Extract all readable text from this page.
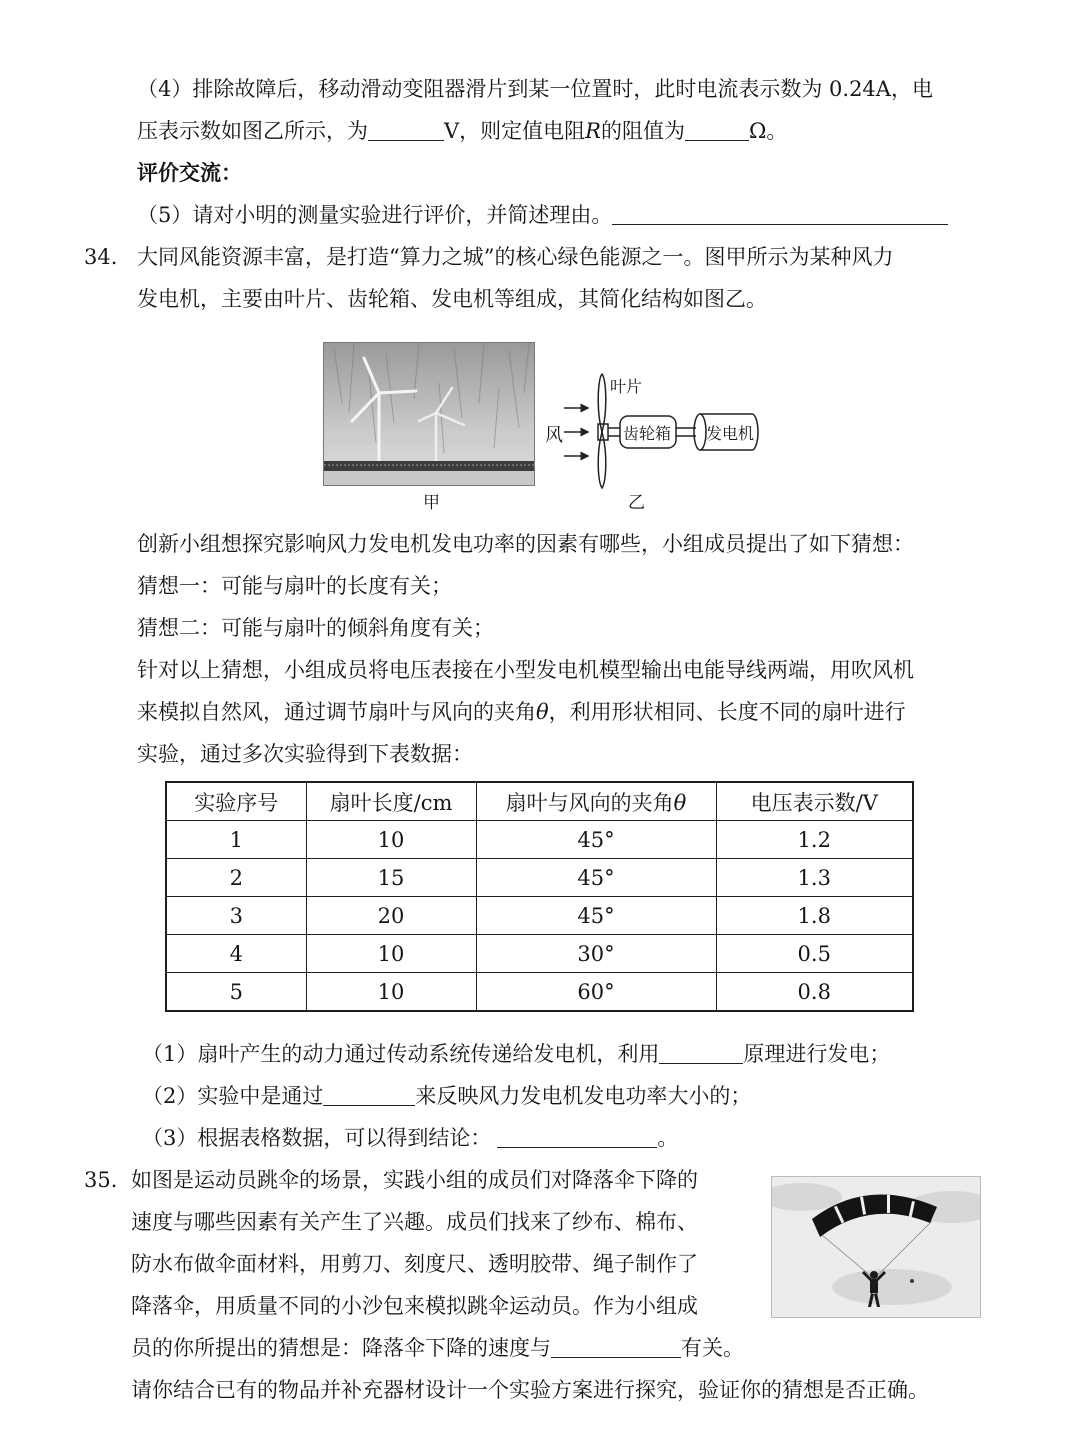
（4）排除故障后，移动滑动变阻器滑片到某一位置时，此时电流表示数为 0.24A，电
压表示数如图乙所示，为	V，则定值电阻R的阻值为	Ω。
评价交流：
（5）请对小明的测量实验进行评价，并简述理由。
34. 大同风能资源丰富，是打造“算力之城”的核心绿色能源之一。图甲所示为某种风力
发电机，主要由叶片、齿轮箱、发电机等组成，其简化结构如图乙。
甲
风
叶片
齿轮箱 发电机
乙
创新小组想探究影响风力发电机发电功率的因素有哪些，小组成员提出了如下猜想：
猜想一：可能与扇叶的长度有关；
猜想二：可能与扇叶的倾斜角度有关；
针对以上猜想，小组成员将电压表接在小型发电机模型输出电能导线两端，用吹风机
来模拟自然风，通过调节扇叶与风向的夹角θ，利用形状相同、长度不同的扇叶进行
实验，通过多次实验得到下表数据：
实验序号	扇叶长度/cm	扇叶与风向的夹角θ	电压表示数/V
1	10	45°	1.2
2	15	45°	1.3
3	20	45°	1.8
4	10	30°	0.5
5	10	60°	0.8
（1）扇叶产生的动力通过传动系统传递给发电机，利用	原理进行发电；
（2）实验中是通过	来反映风力发电机发电功率大小的；
（3）根据表格数据，可以得到结论：	。
35. 如图是运动员跳伞的场景，实践小组的成员们对降落伞下降的
速度与哪些因素有关产生了兴趣。成员们找来了纱布、棉布、
防水布做伞面材料，用剪刀、刻度尺、透明胶带、绳子制作了
降落伞，用质量不同的小沙包来模拟跳伞运动员。作为小组成
员的你所提出的猜想是：降落伞下降的速度与	有关。
请你结合已有的物品并补充器材设计一个实验方案进行探究，验证你的猜想是否正确。
